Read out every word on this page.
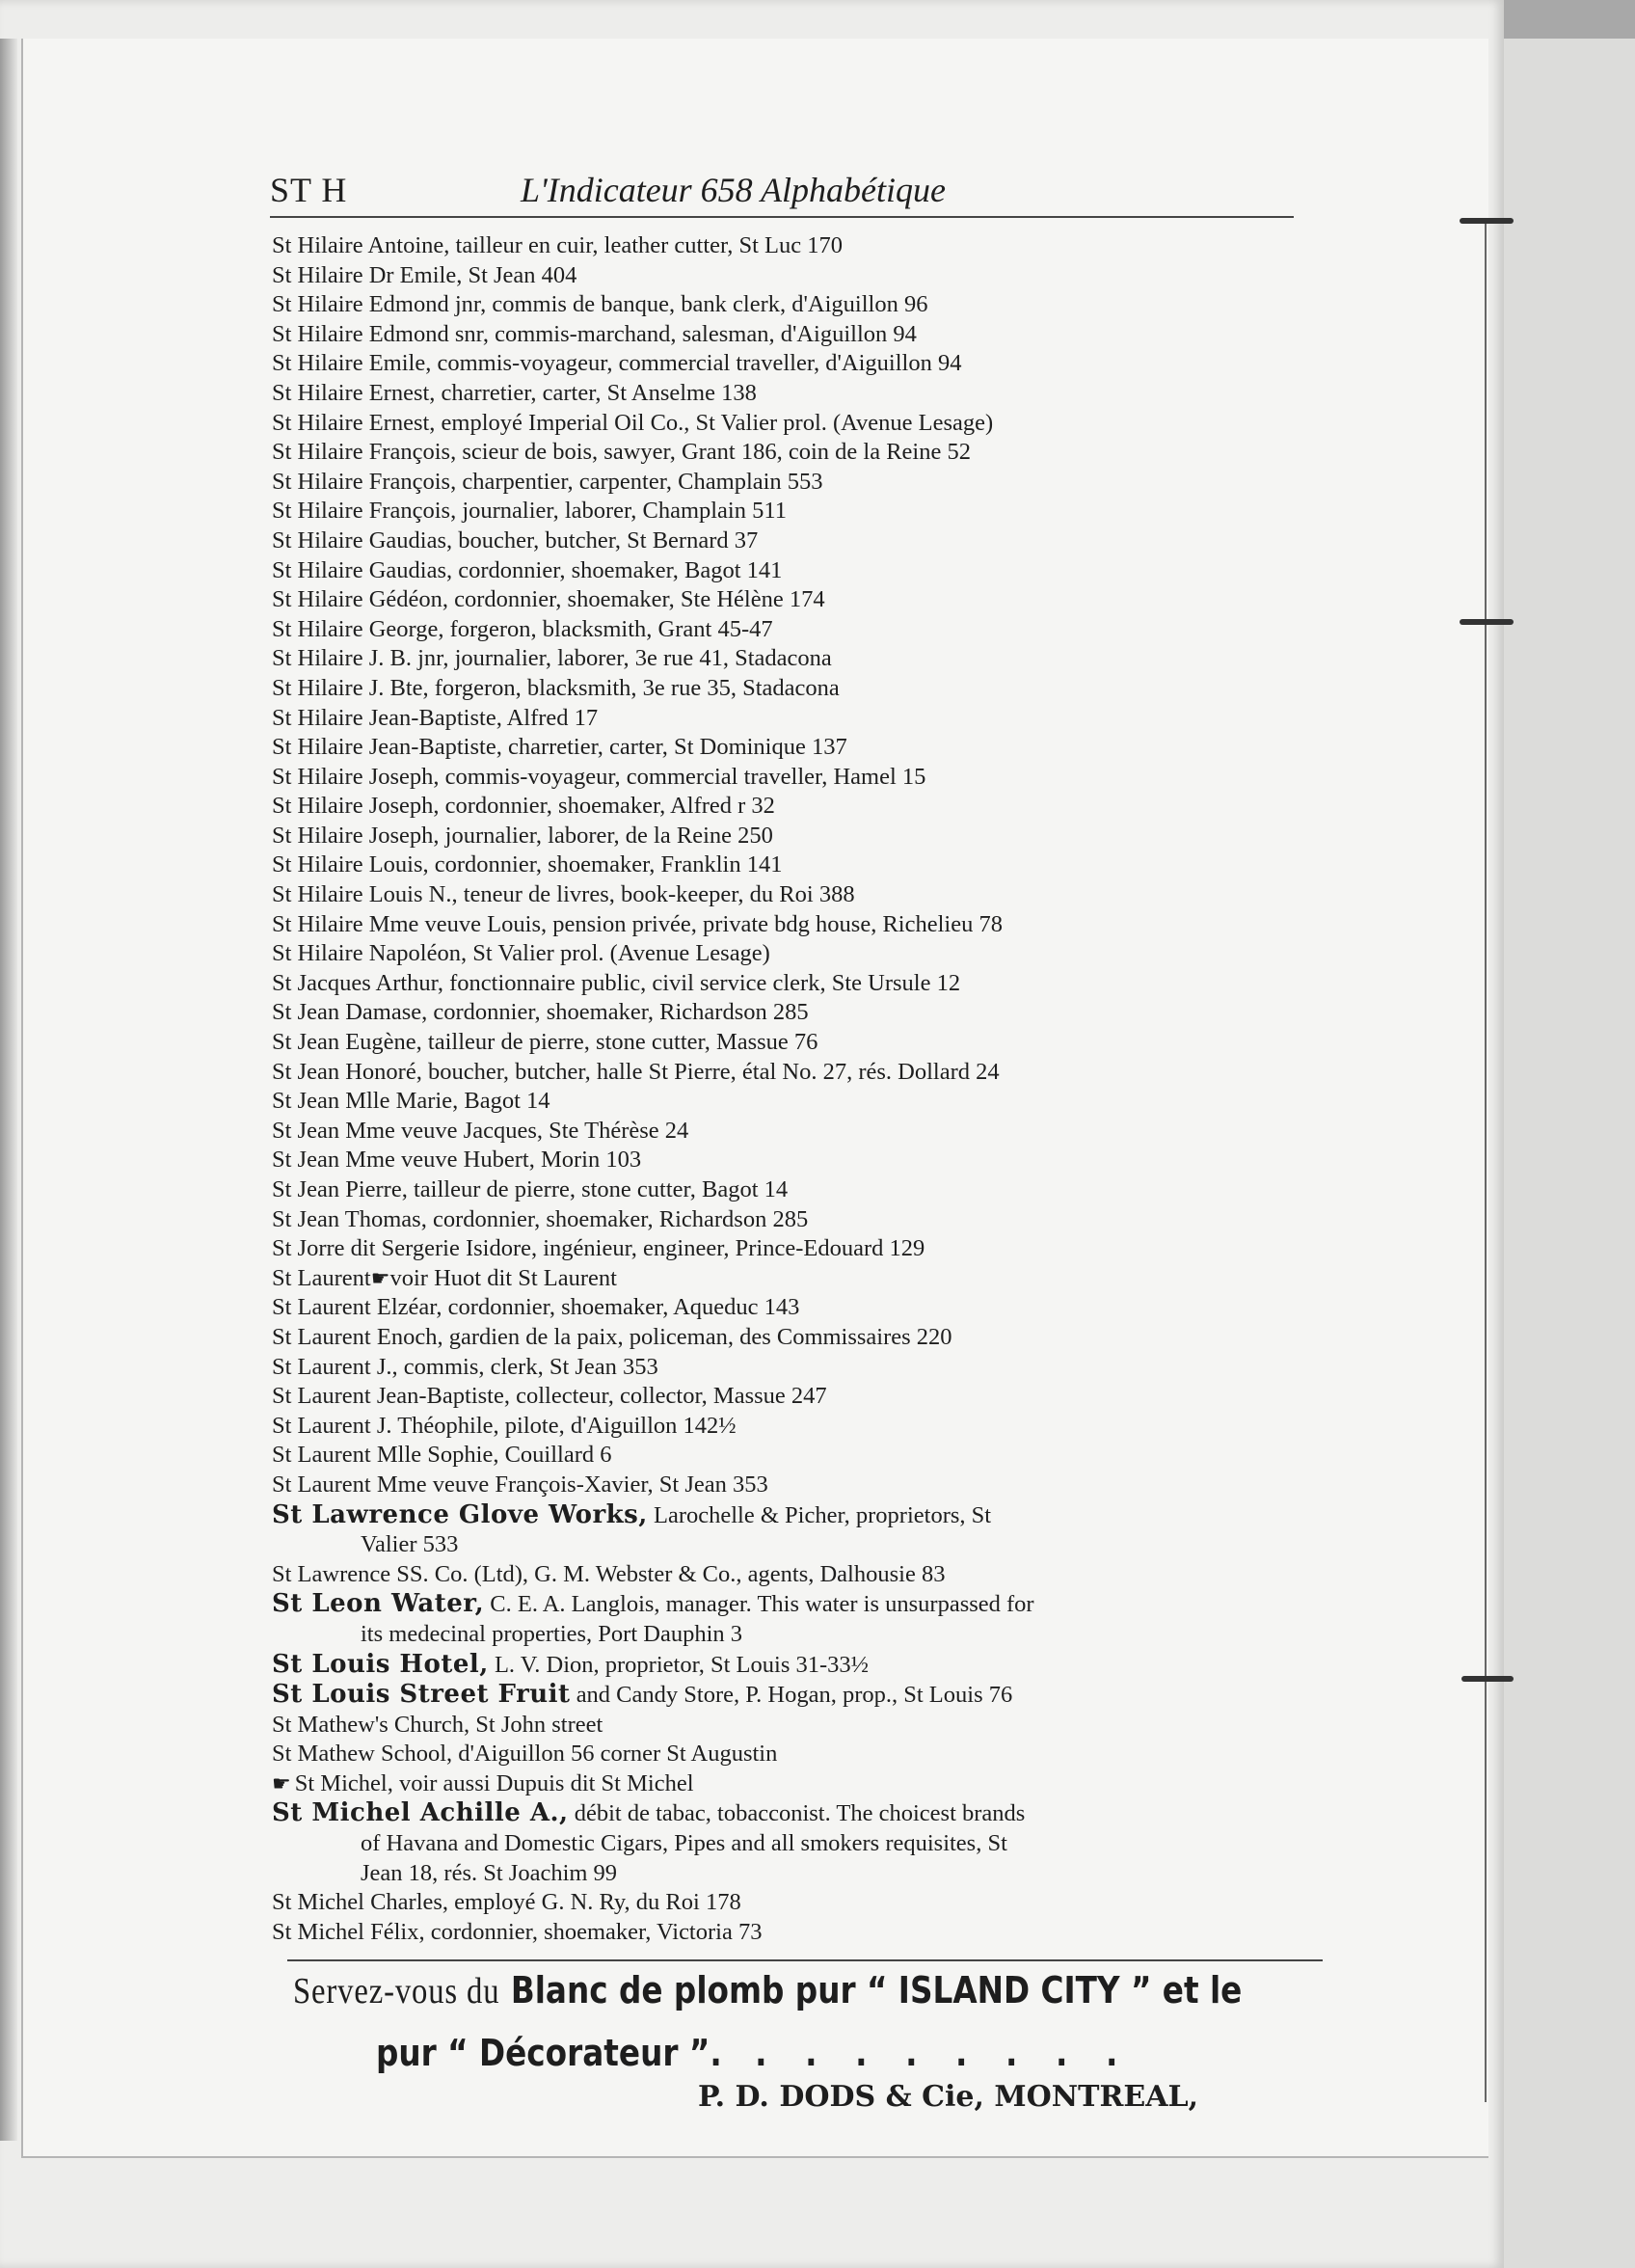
ST H	L'Indicateur 658 Alphabétique
St Hilaire Antoine, tailleur en cuir, leather cutter, St Luc 170
St Hilaire Dr Emile, St Jean 404
St Hilaire Edmond jnr, commis de banque, bank clerk, d'Aiguillon 96
St Hilaire Edmond snr, commis-marchand, salesman, d'Aiguillon 94
St Hilaire Emile, commis-voyageur, commercial traveller, d'Aiguillon 94
St Hilaire Ernest, charretier, carter, St Anselme 138
St Hilaire Ernest, employé Imperial Oil Co., St Valier prol. (Avenue Lesage)
St Hilaire François, scieur de bois, sawyer, Grant 186, coin de la Reine 52
St Hilaire François, charpentier, carpenter, Champlain 553
St Hilaire François, journalier, laborer, Champlain 511
St Hilaire Gaudias, boucher, butcher, St Bernard 37
St Hilaire Gaudias, cordonnier, shoemaker, Bagot 141
St Hilaire Gédéon, cordonnier, shoemaker, Ste Hélène 174
St Hilaire George, forgeron, blacksmith, Grant 45-47
St Hilaire J. B. jnr, journalier, laborer, 3e rue 41, Stadacona
St Hilaire J. Bte, forgeron, blacksmith, 3e rue 35, Stadacona
St Hilaire Jean-Baptiste, Alfred 17
St Hilaire Jean-Baptiste, charretier, carter, St Dominique 137
St Hilaire Joseph, commis-voyageur, commercial traveller, Hamel 15
St Hilaire Joseph, cordonnier, shoemaker, Alfred r 32
St Hilaire Joseph, journalier, laborer, de la Reine 250
St Hilaire Louis, cordonnier, shoemaker, Franklin 141
St Hilaire Louis N., teneur de livres, book-keeper, du Roi 388
St Hilaire Mme veuve Louis, pension privée, private bdg house, Richelieu 78
St Hilaire Napoléon, St Valier prol. (Avenue Lesage)
St Jacques Arthur, fonctionnaire public, civil service clerk, Ste Ursule 12
St Jean Damase, cordonnier, shoemaker, Richardson 285
St Jean Eugène, tailleur de pierre, stone cutter, Massue 76
St Jean Honoré, boucher, butcher, halle St Pierre, étal No. 27, rés. Dollard 24
St Jean Mlle Marie, Bagot 14
St Jean Mme veuve Jacques, Ste Thérèse 24
St Jean Mme veuve Hubert, Morin 103
St Jean Pierre, tailleur de pierre, stone cutter, Bagot 14
St Jean Thomas, cordonnier, shoemaker, Richardson 285
St Jorre dit Sergerie Isidore, ingénieur, engineer, Prince-Edouard 129
St Laurent☛voir Huot dit St Laurent
St Laurent Elzéar, cordonnier, shoemaker, Aqueduc 143
St Laurent Enoch, gardien de la paix, policeman, des Commissaires 220
St Laurent J., commis, clerk, St Jean 353
St Laurent Jean-Baptiste, collecteur, collector, Massue 247
St Laurent J. Théophile, pilote, d'Aiguillon 142½
St Laurent Mlle Sophie, Couillard 6
St Laurent Mme veuve François-Xavier, St Jean 353
St Lawrence Glove Works, Larochelle & Picher, proprietors, St
Valier 533
St Lawrence SS. Co. (Ltd), G. M. Webster & Co., agents, Dalhousie 83
St Leon Water, C. E. A. Langlois, manager. This water is unsurpassed for
its medecinal properties, Port Dauphin 3
St Louis Hotel, L. V. Dion, proprietor, St Louis 31-33½
St Louis Street Fruit and Candy Store, P. Hogan, prop., St Louis 76
St Mathew's Church, St John street
St Mathew School, d'Aiguillon 56 corner St Augustin
☛ St Michel, voir aussi Dupuis dit St Michel
St Michel Achille A., débit de tabac, tobacconist. The choicest brands
of Havana and Domestic Cigars, Pipes and all smokers requisites, St
Jean 18, rés. St Joachim 99
St Michel Charles, employé G. N. Ry, du Roi 178
St Michel Félix, cordonnier, shoemaker, Victoria 73
Servez-vous du Blanc de plomb pur “ ISLAND CITY ” et le
pur “ Décorateur ”. ........
P. D. DODS & Cie, MONTREAL,
